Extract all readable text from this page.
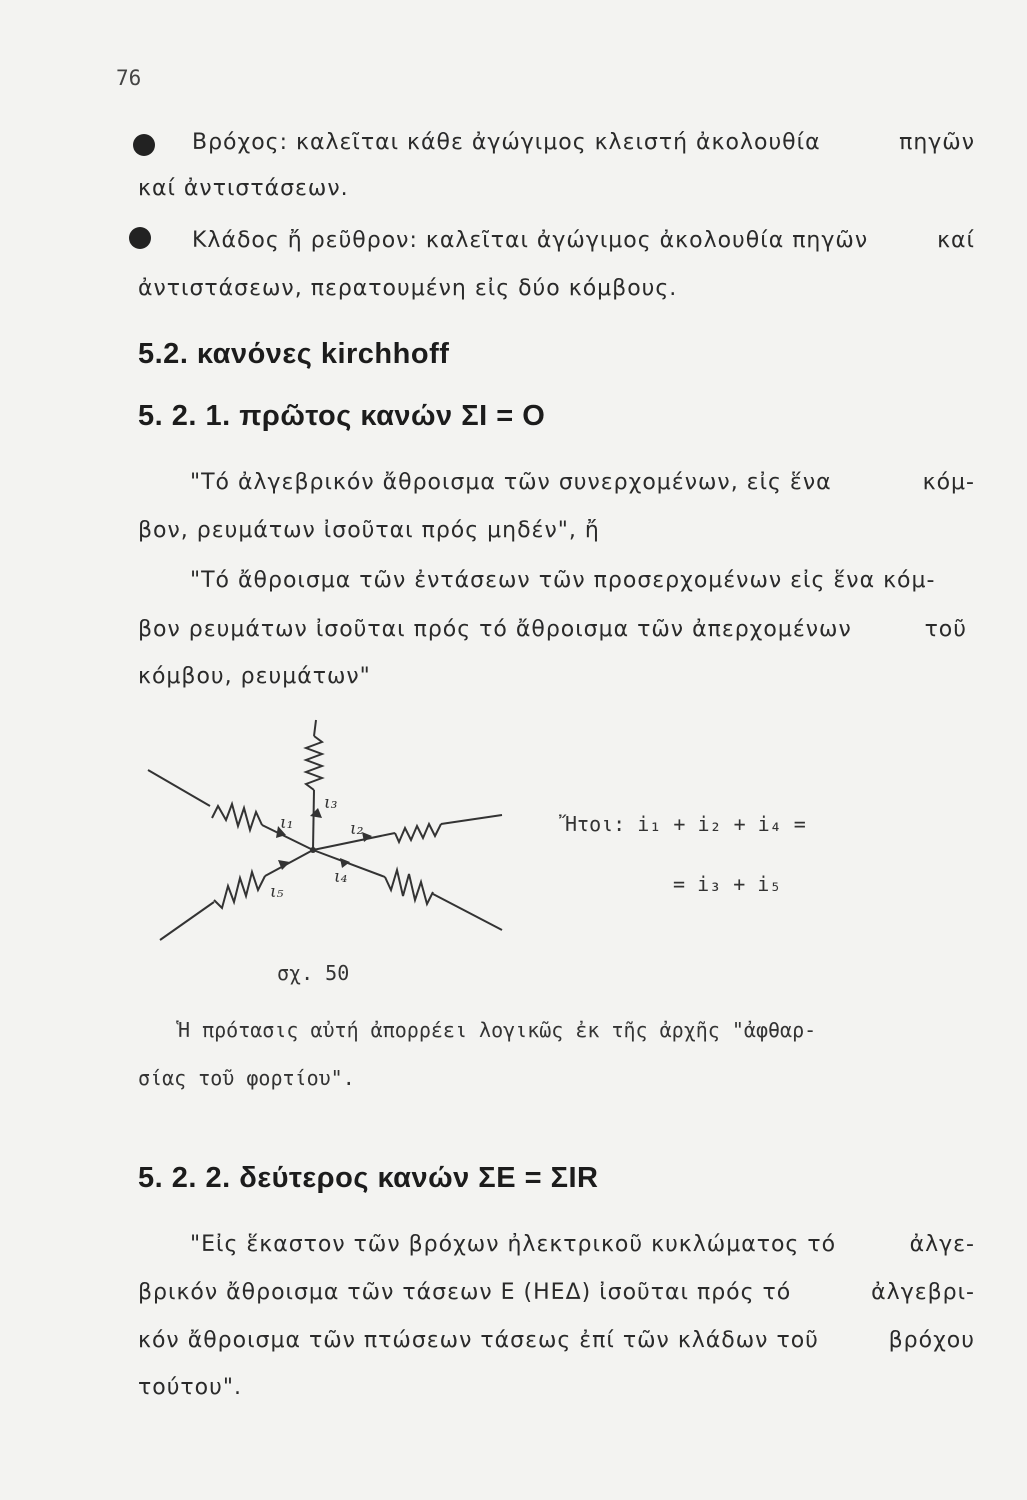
76
Βρόχος: καλεῖται κάθε ἀγώγιμος κλειστή ἀκολουθία	πηγῶν
καί ἀντιστάσεων.
Κλάδος ἤ ρεῦθρον: καλεῖται ἀγώγιμος ἀκολουθία πηγῶν	καί
ἀντιστάσεων, περατουμένη εἰς δύο κόμβους.
5.2. κανόνες kirchhoff
5. 2. 1. πρῶτος κανών ΣΙ = Ο
"Τό ἀλγεβρικόν ἄθροισμα τῶν συνερχομένων, εἰς ἕνα	κόμ-
βον, ρευμάτων ἰσοῦται πρός μηδέν", ἤ
"Τό ἄθροισμα τῶν ἐντάσεων τῶν προσερχομένων εἰς ἕνα κόμ-
βον ρευμάτων ἰσοῦται πρός τό ἄθροισμα τῶν ἀπερχομένων	τοῦ
κόμβου, ρευμάτων"
ι₁
ι₃
ι₂
ι₄
ι₅
Ἤτοι: i₁ + i₂ + i₄ =
= i₃ + i₅
σχ. 50
Ἡ πρότασις αὐτή ἀπορρέει λογικῶς ἐκ τῆς ἀρχῆς "ἀφθαρ-
σίας τοῦ φορτίου".
5. 2. 2. δεύτερος κανών ΣΕ = ΣΙR
"Εἰς ἕκαστον τῶν βρόχων ἠλεκτρικοῦ κυκλώματος τό	ἀλγε-
βρικόν ἄθροισμα τῶν τάσεων Ε (ΗΕΔ) ἰσοῦται πρός τό	ἀλγεβρι-
κόν ἄθροισμα τῶν πτώσεων τάσεως ἐπί τῶν κλάδων τοῦ	βρόχου
τούτου".
